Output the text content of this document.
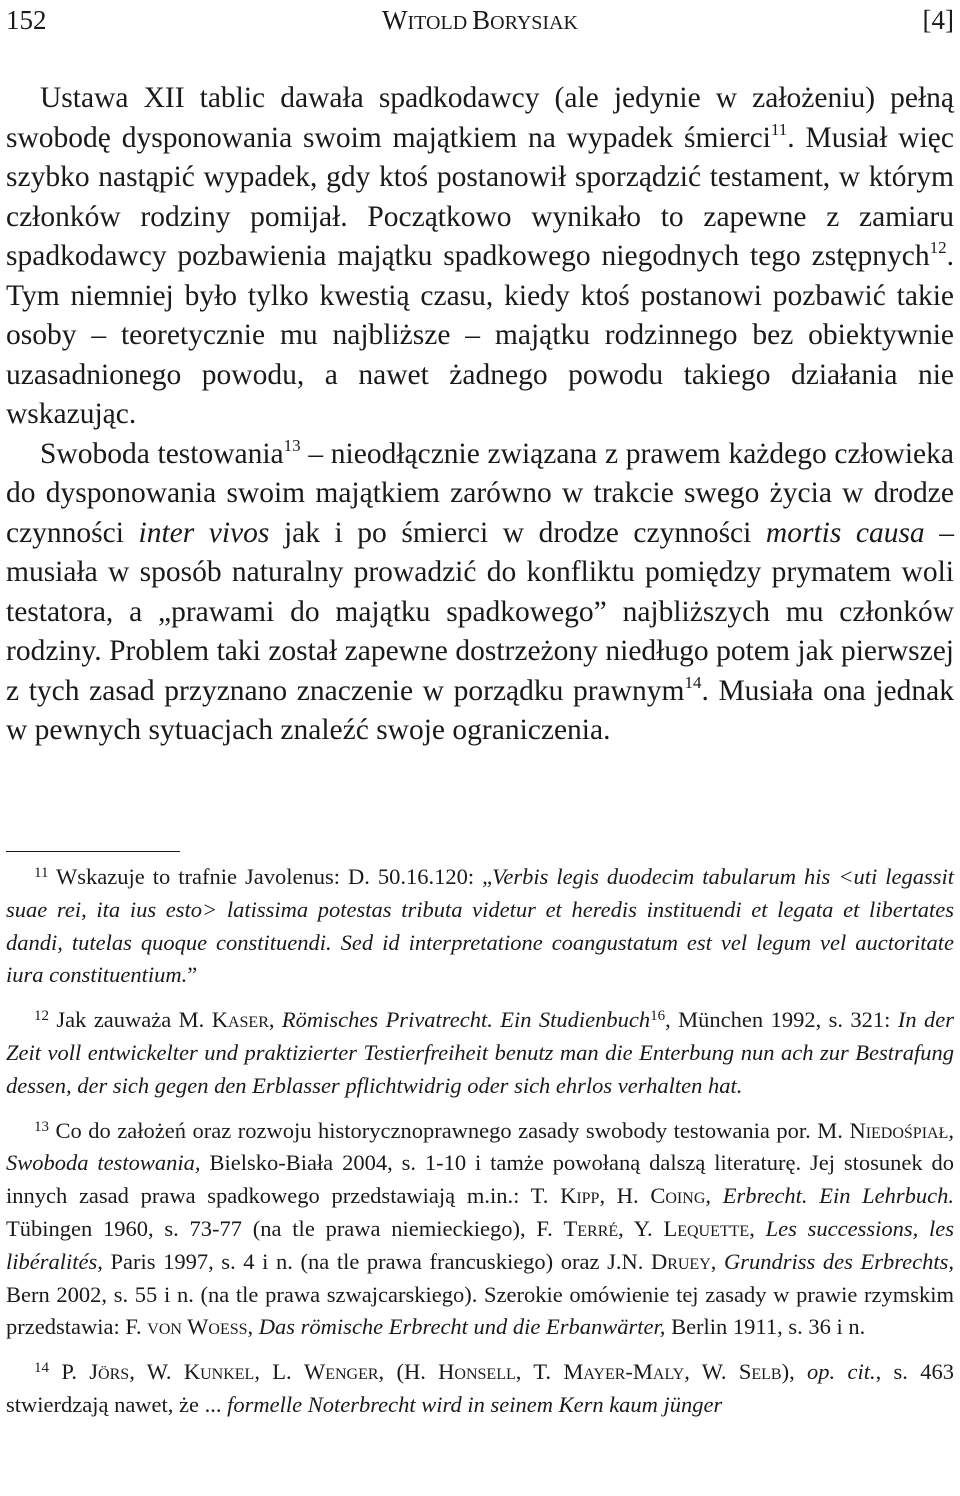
152	WITOLD BORYSIAK	[4]

Ustawa XII tablic dawała spadkodawcy (ale jedynie w założeniu) pełną swobodę dysponowania swoim majątkiem na wypadek śmierci$^{11}$. Musiał więc szybko nastąpić wypadek, gdy ktoś postanowił sporządzić testament, w którym członków rodziny pomijał. Początkowo wynikało to zapewne z zamiaru spadkodawcy pozbawienia majątku spadkowego niegodnych tego zstępnych$^{12}$. Tym niemniej było tylko kwestią czasu, kiedy ktoś postanowi pozbawić takie osoby – teoretycznie mu najbliższe – majątku rodzinnego bez obiektywnie uzasadnionego powodu, a nawet żadnego powodu takiego działania nie wskazując.

Swoboda testowania$^{13}$ – nieodłącznie związana z prawem każdego człowieka do dysponowania swoim majątkiem zarówno w trakcie swego życia w drodze czynności inter vivos jak i po śmierci w drodze czynności mortis causa – musiała w sposób naturalny prowadzić do konfliktu pomiędzy prymatem woli testatora, a „prawami do majątku spadkowego” najbliższych mu członków rodziny. Problem taki został zapewne dostrzeżony niedługo potem jak pierwszej z tych zasad przyznano znaczenie w porządku prawnym$^{14}$. Musiała ona jednak w pewnych sytuacjach znaleźć swoje ograniczenia.

$^{11}$ Wskazuje to trafnie Javolenus: D. 50.16.120: „Verbis legis duodecim tabularum his <uti legassit suae rei, ita ius esto> latissima potestas tributa videtur et heredis instituendi et legata et libertates dandi, tutelas quoque constituendi. Sed id interpretatione coangustatum est vel legum vel auctoritate iura constituentium.”

$^{12}$ Jak zauważa M. Kaser, Römisches Privatrecht. Ein Studienbuch$^{16}$, München 1992, s. 321: In der Zeit voll entwickelter und praktizierter Testierfreiheit benutz man die Enterbung nun ach zur Bestrafung dessen, der sich gegen den Erblasser pflichtwidrig oder sich ehrlos verhalten hat.

$^{13}$ Co do założeń oraz rozwoju historycznoprawnego zasady swobody testowania por. M. Niedośpiał, Swoboda testowania, Bielsko-Biała 2004, s. 1-10 i tamże powołaną dalszą literaturę. Jej stosunek do innych zasad prawa spadkowego przedstawiają m.in.: T. Kipp, H. Coing, Erbrecht. Ein Lehrbuch. Tübingen 1960, s. 73-77 (na tle prawa niemieckiego), F. Terré, Y. Lequette, Les successions, les libéralités, Paris 1997, s. 4 i n. (na tle prawa francuskiego) oraz J.N. Druey, Grundriss des Erbrechts, Bern 2002, s. 55 i n. (na tle prawa szwajcarskiego). Szerokie omówienie tej zasady w prawie rzymskim przedstawia: F. von Woess, Das römische Erbrecht und die Erbanwärter, Berlin 1911, s. 36 i n.

$^{14}$ P. Jörs, W. Kunkel, L. Wenger, (H. Honsell, T. Mayer-Maly, W. Selb), op. cit., s. 463 stwierdzają nawet, że ... formelle Noterbrecht wird in seinem Kern kaum jünger
